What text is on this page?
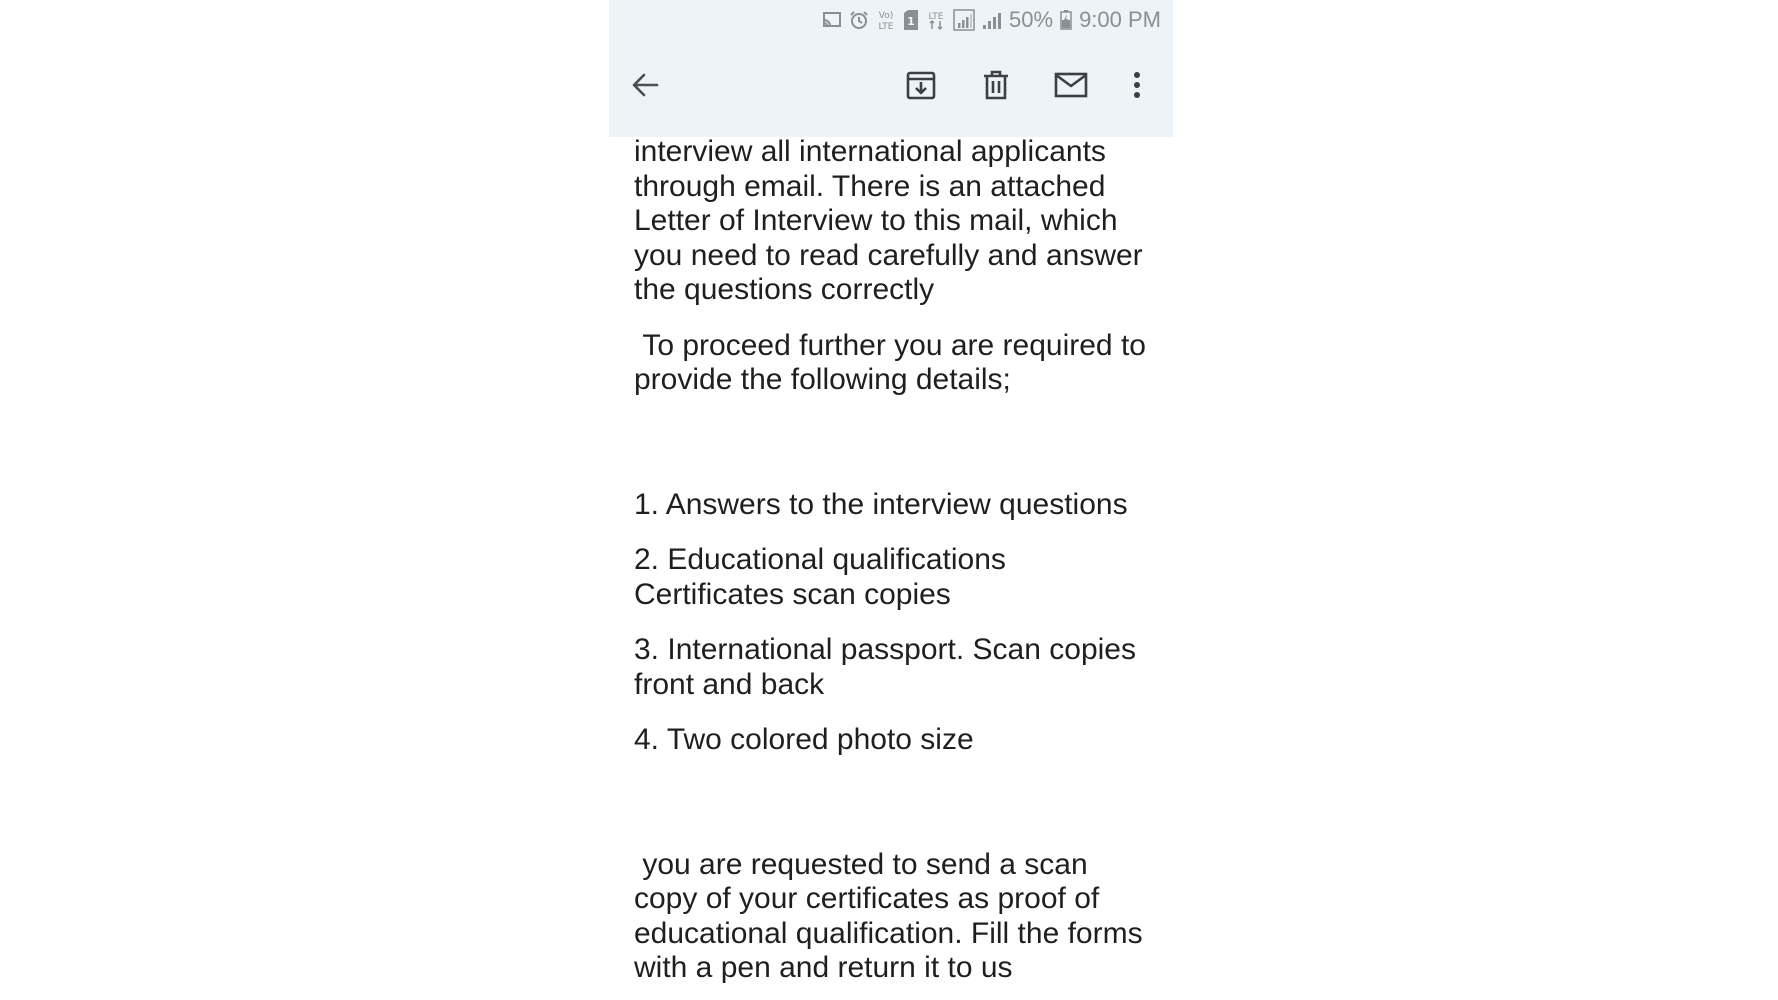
Vo)
LTE 1 LTE	50% 9:00 PM

interview all international applicants through email. There is an attached Letter of Interview to this mail, which you need to read carefully and answer the questions correctly

To proceed further you are required to provide the following details;

1. Answers to the interview questions

2. Educational qualifications Certificates scan copies

3. International passport. Scan copies front and back

4. Two colored photo size

you are requested to send a scan copy of your certificates as proof of educational qualification. Fill the forms with a pen and return it to us
